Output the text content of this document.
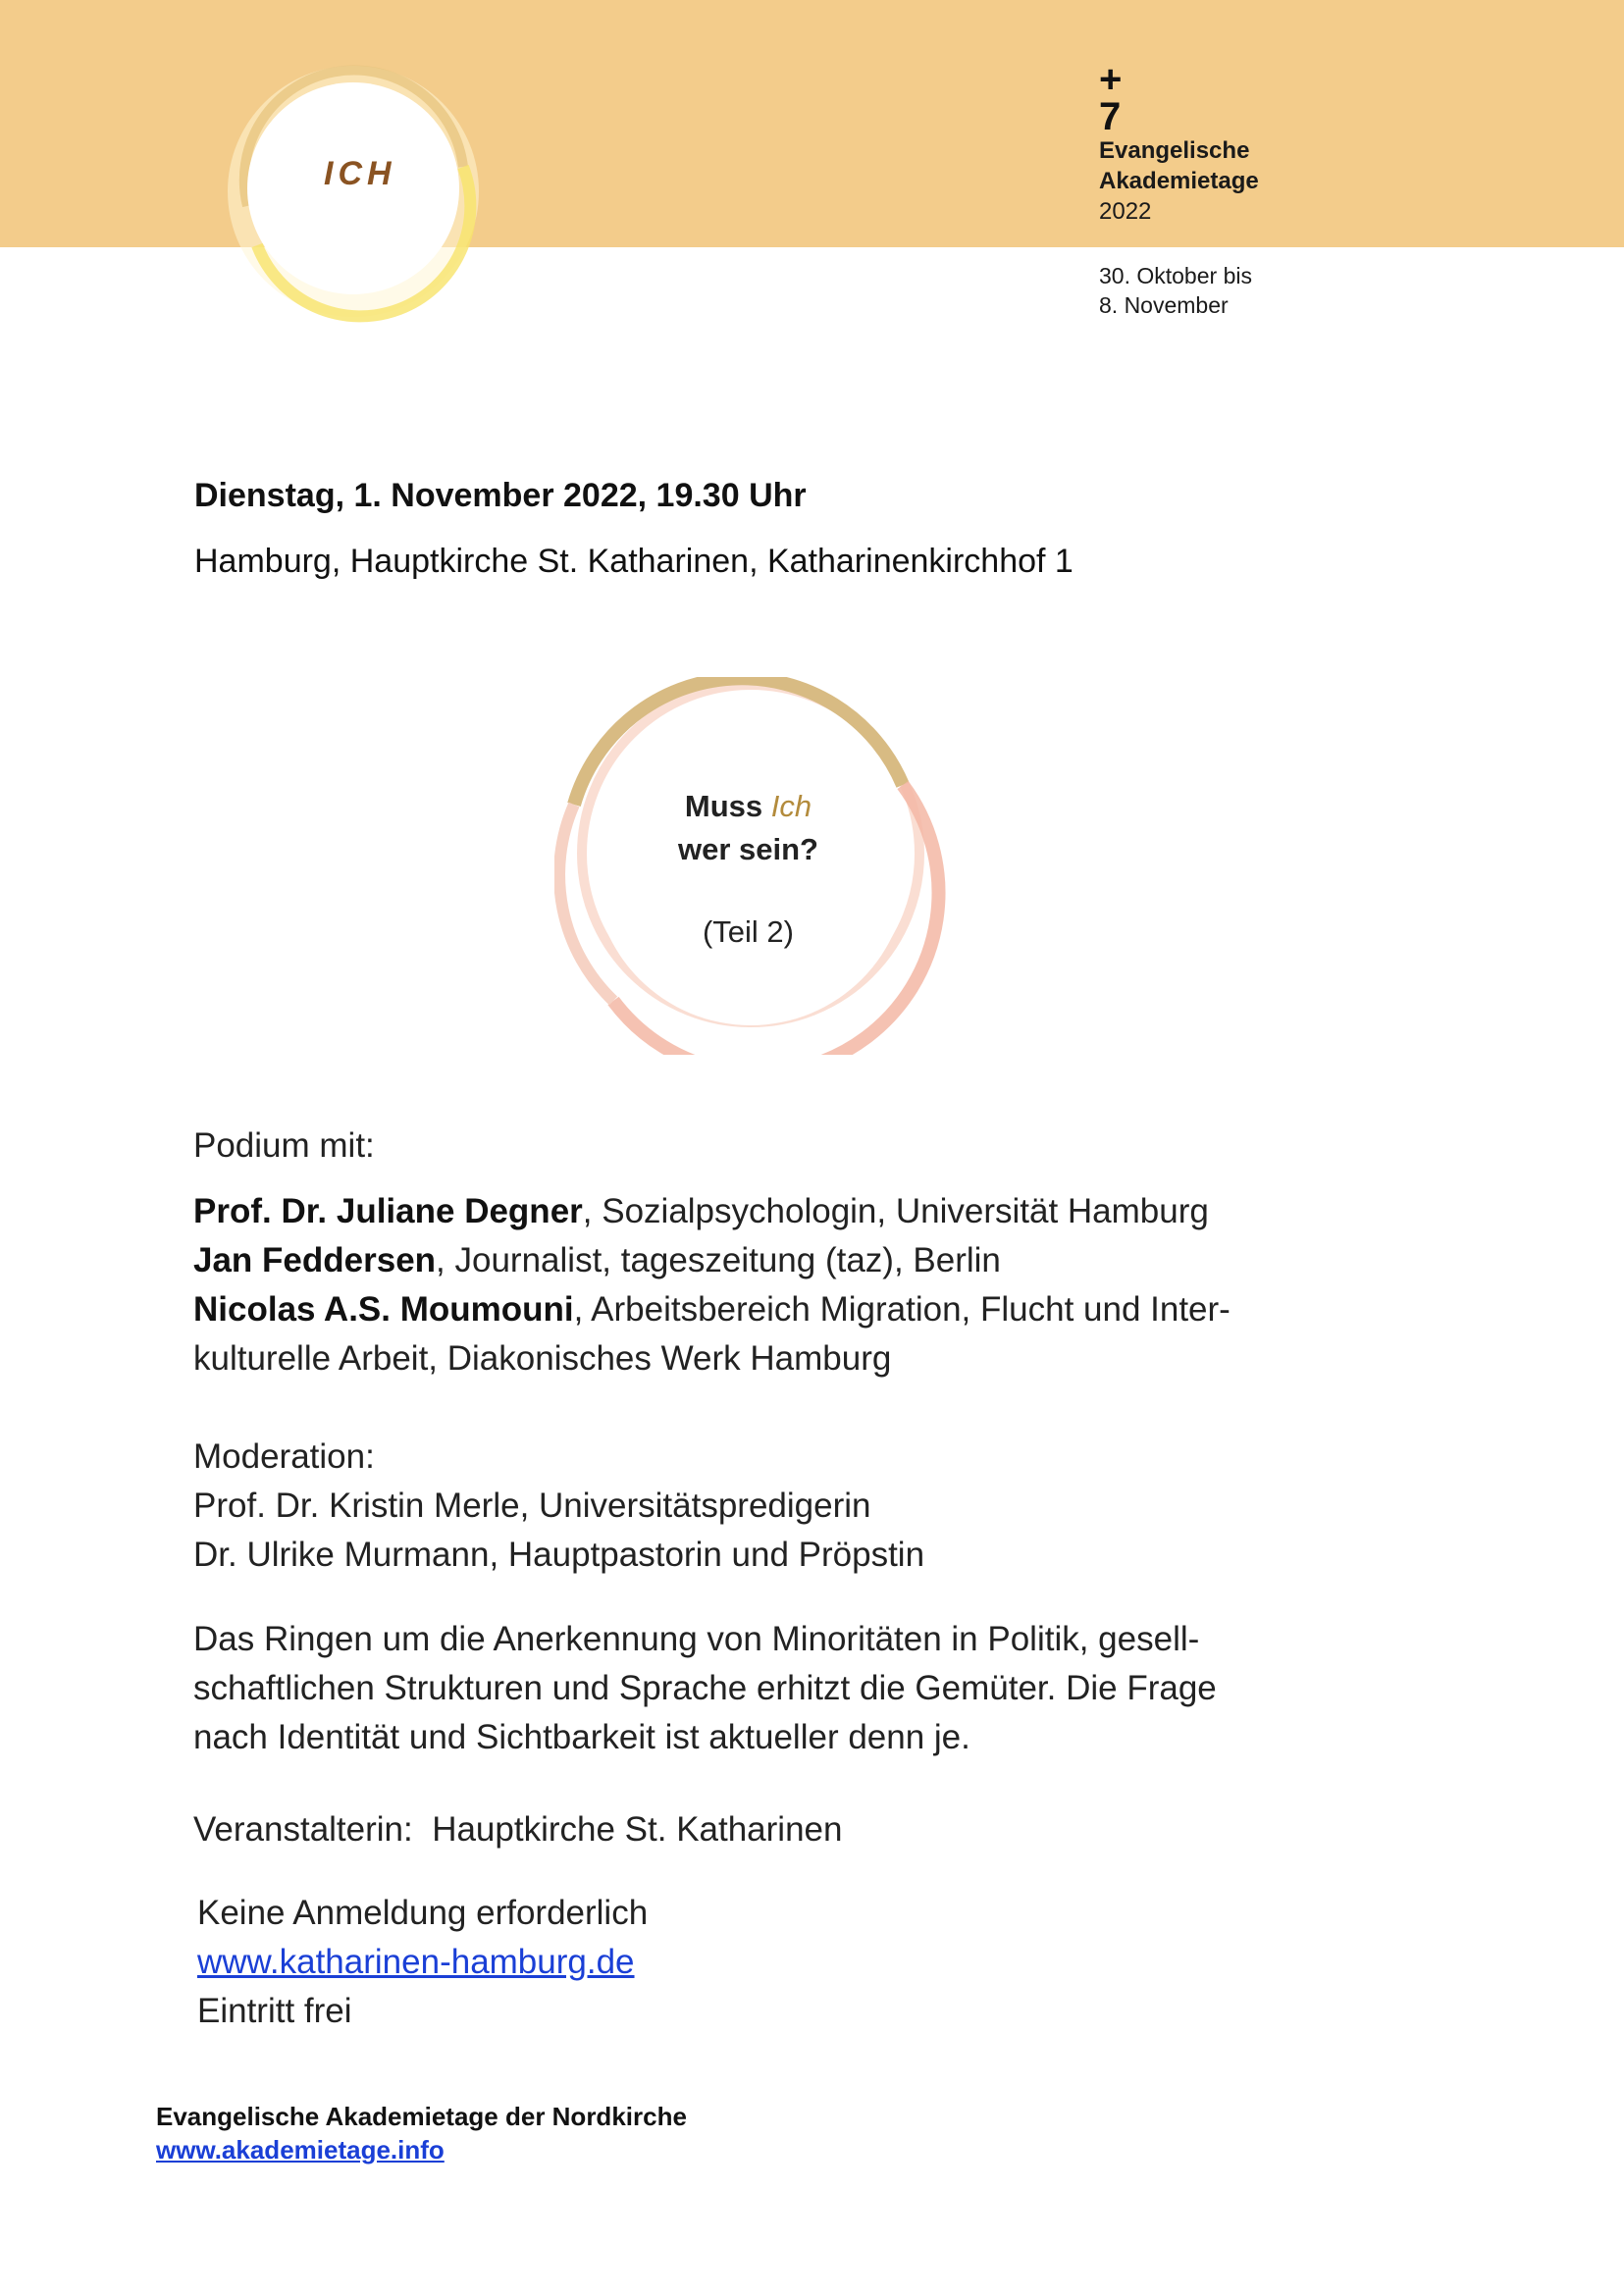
ICH
+
7
Evangelische
Akademietage
2022
30. Oktober bis
8. November
Dienstag, 1. November 2022, 19.30 Uhr
Hamburg, Hauptkirche St. Katharinen, Katharinenkirchhof 1
Muss Ich
wer sein?
(Teil 2)
Podium mit:
Prof. Dr. Juliane Degner, Sozialpsychologin, Universität Hamburg
Jan Feddersen, Journalist, tageszeitung (taz), Berlin
Nicolas A.S. Moumouni, Arbeitsbereich Migration, Flucht und Inter-
kulturelle Arbeit, Diakonisches Werk Hamburg
Moderation:
Prof. Dr. Kristin Merle, Universitätspredigerin
Dr. Ulrike Murmann, Hauptpastorin und Pröpstin
Das Ringen um die Anerkennung von Minoritäten in Politik, gesell-
schaftlichen Strukturen und Sprache erhitzt die Gemüter. Die Frage
nach Identität und Sichtbarkeit ist aktueller denn je.
Veranstalterin:  Hauptkirche St. Katharinen
Keine Anmeldung erforderlich
www.katharinen-hamburg.de
Eintritt frei
Evangelische Akademietage der Nordkirche
www.akademietage.info
